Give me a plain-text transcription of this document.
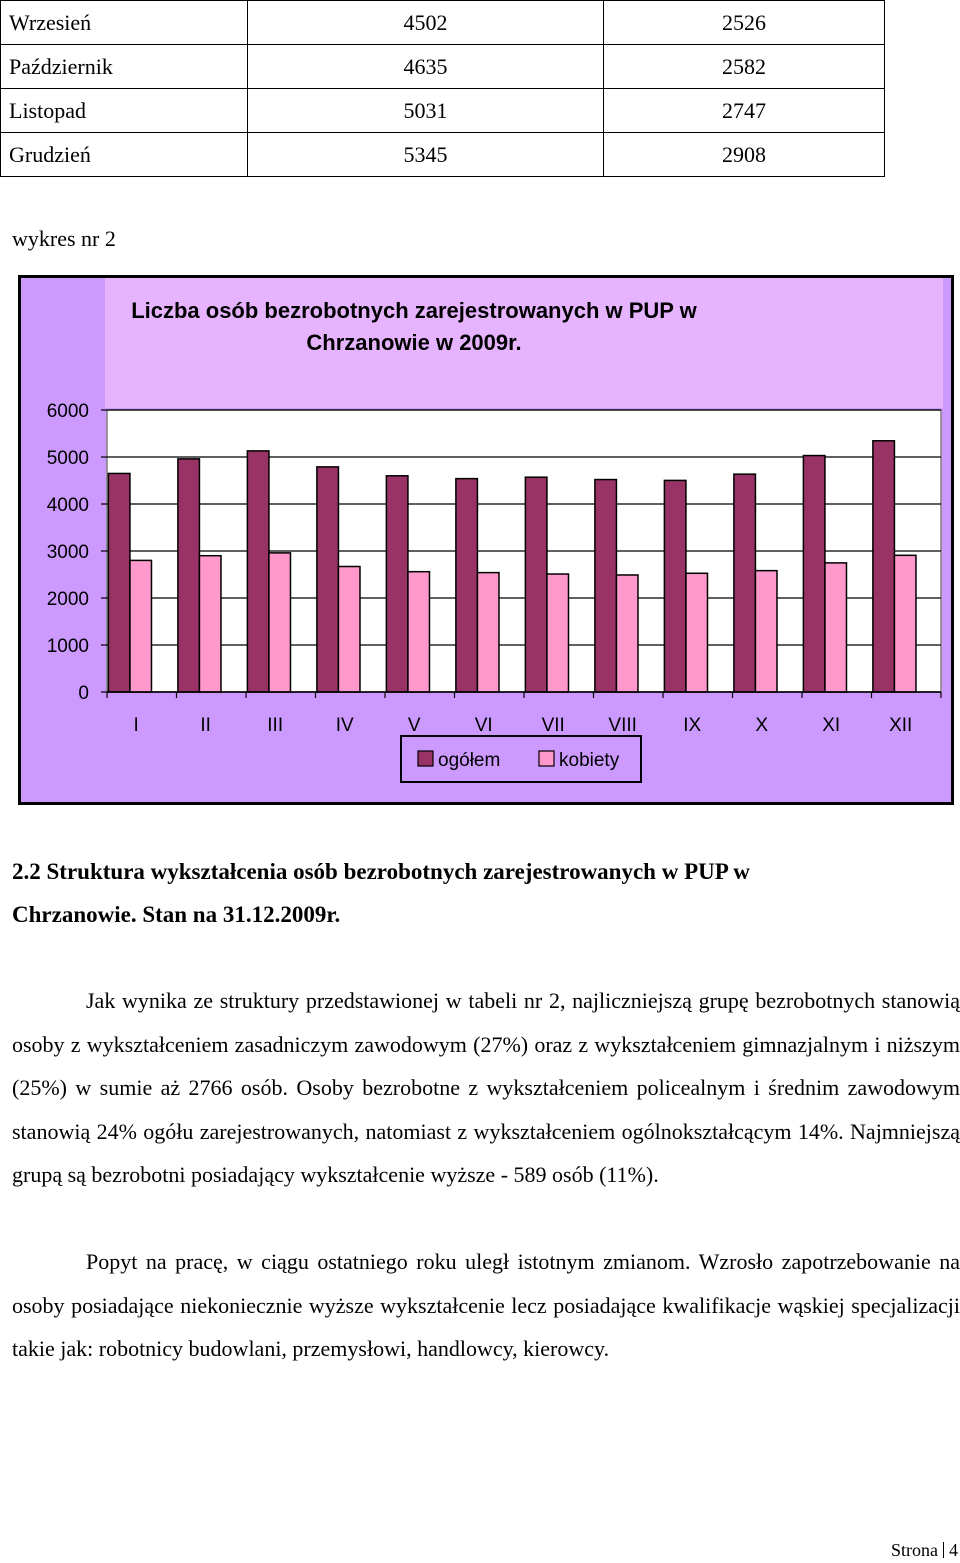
Wrzesień	4502	2526
Październik	4635	2582
Listopad	5031	2747
Grudzień	5345	2908
wykres nr 2
Liczba osób bezrobotnych zarejestrowanych w PUP w
Chrzanowie w 2009r.
0
1000
2000
3000
4000
5000
6000
I	II	III	IV	V	VI	VII VIII IX	X	XI	XII
ogółem	kobiety
2.2 Struktura wykształcenia osób bezrobotnych zarejestrowanych w PUP w
Chrzanowie. Stan na 31.12.2009r.

Jak wynika ze struktury przedstawionej w tabeli nr 2, najliczniejszą grupę bezrobotnych stanowią osoby z wykształceniem zasadniczym zawodowym (27%) oraz z wykształceniem gimnazjalnym i niższym (25%) w sumie aż 2766 osób. Osoby bezrobotne z wykształceniem policealnym i średnim zawodowym stanowią 24% ogółu zarejestrowanych, natomiast z wykształceniem ogólnokształcącym 14%. Najmniejszą grupą są bezrobotni posiadający wykształcenie wyższe - 589 osób (11%).

Popyt na pracę, w ciągu ostatniego roku uległ istotnym zmianom. Wzrosło zapotrzebowanie na osoby posiadające niekoniecznie wyższe wykształcenie lecz posiadające kwalifikacje wąskiej specjalizacji takie jak: robotnicy budowlani, przemysłowi, handlowcy, kierowcy.

Strona 4
